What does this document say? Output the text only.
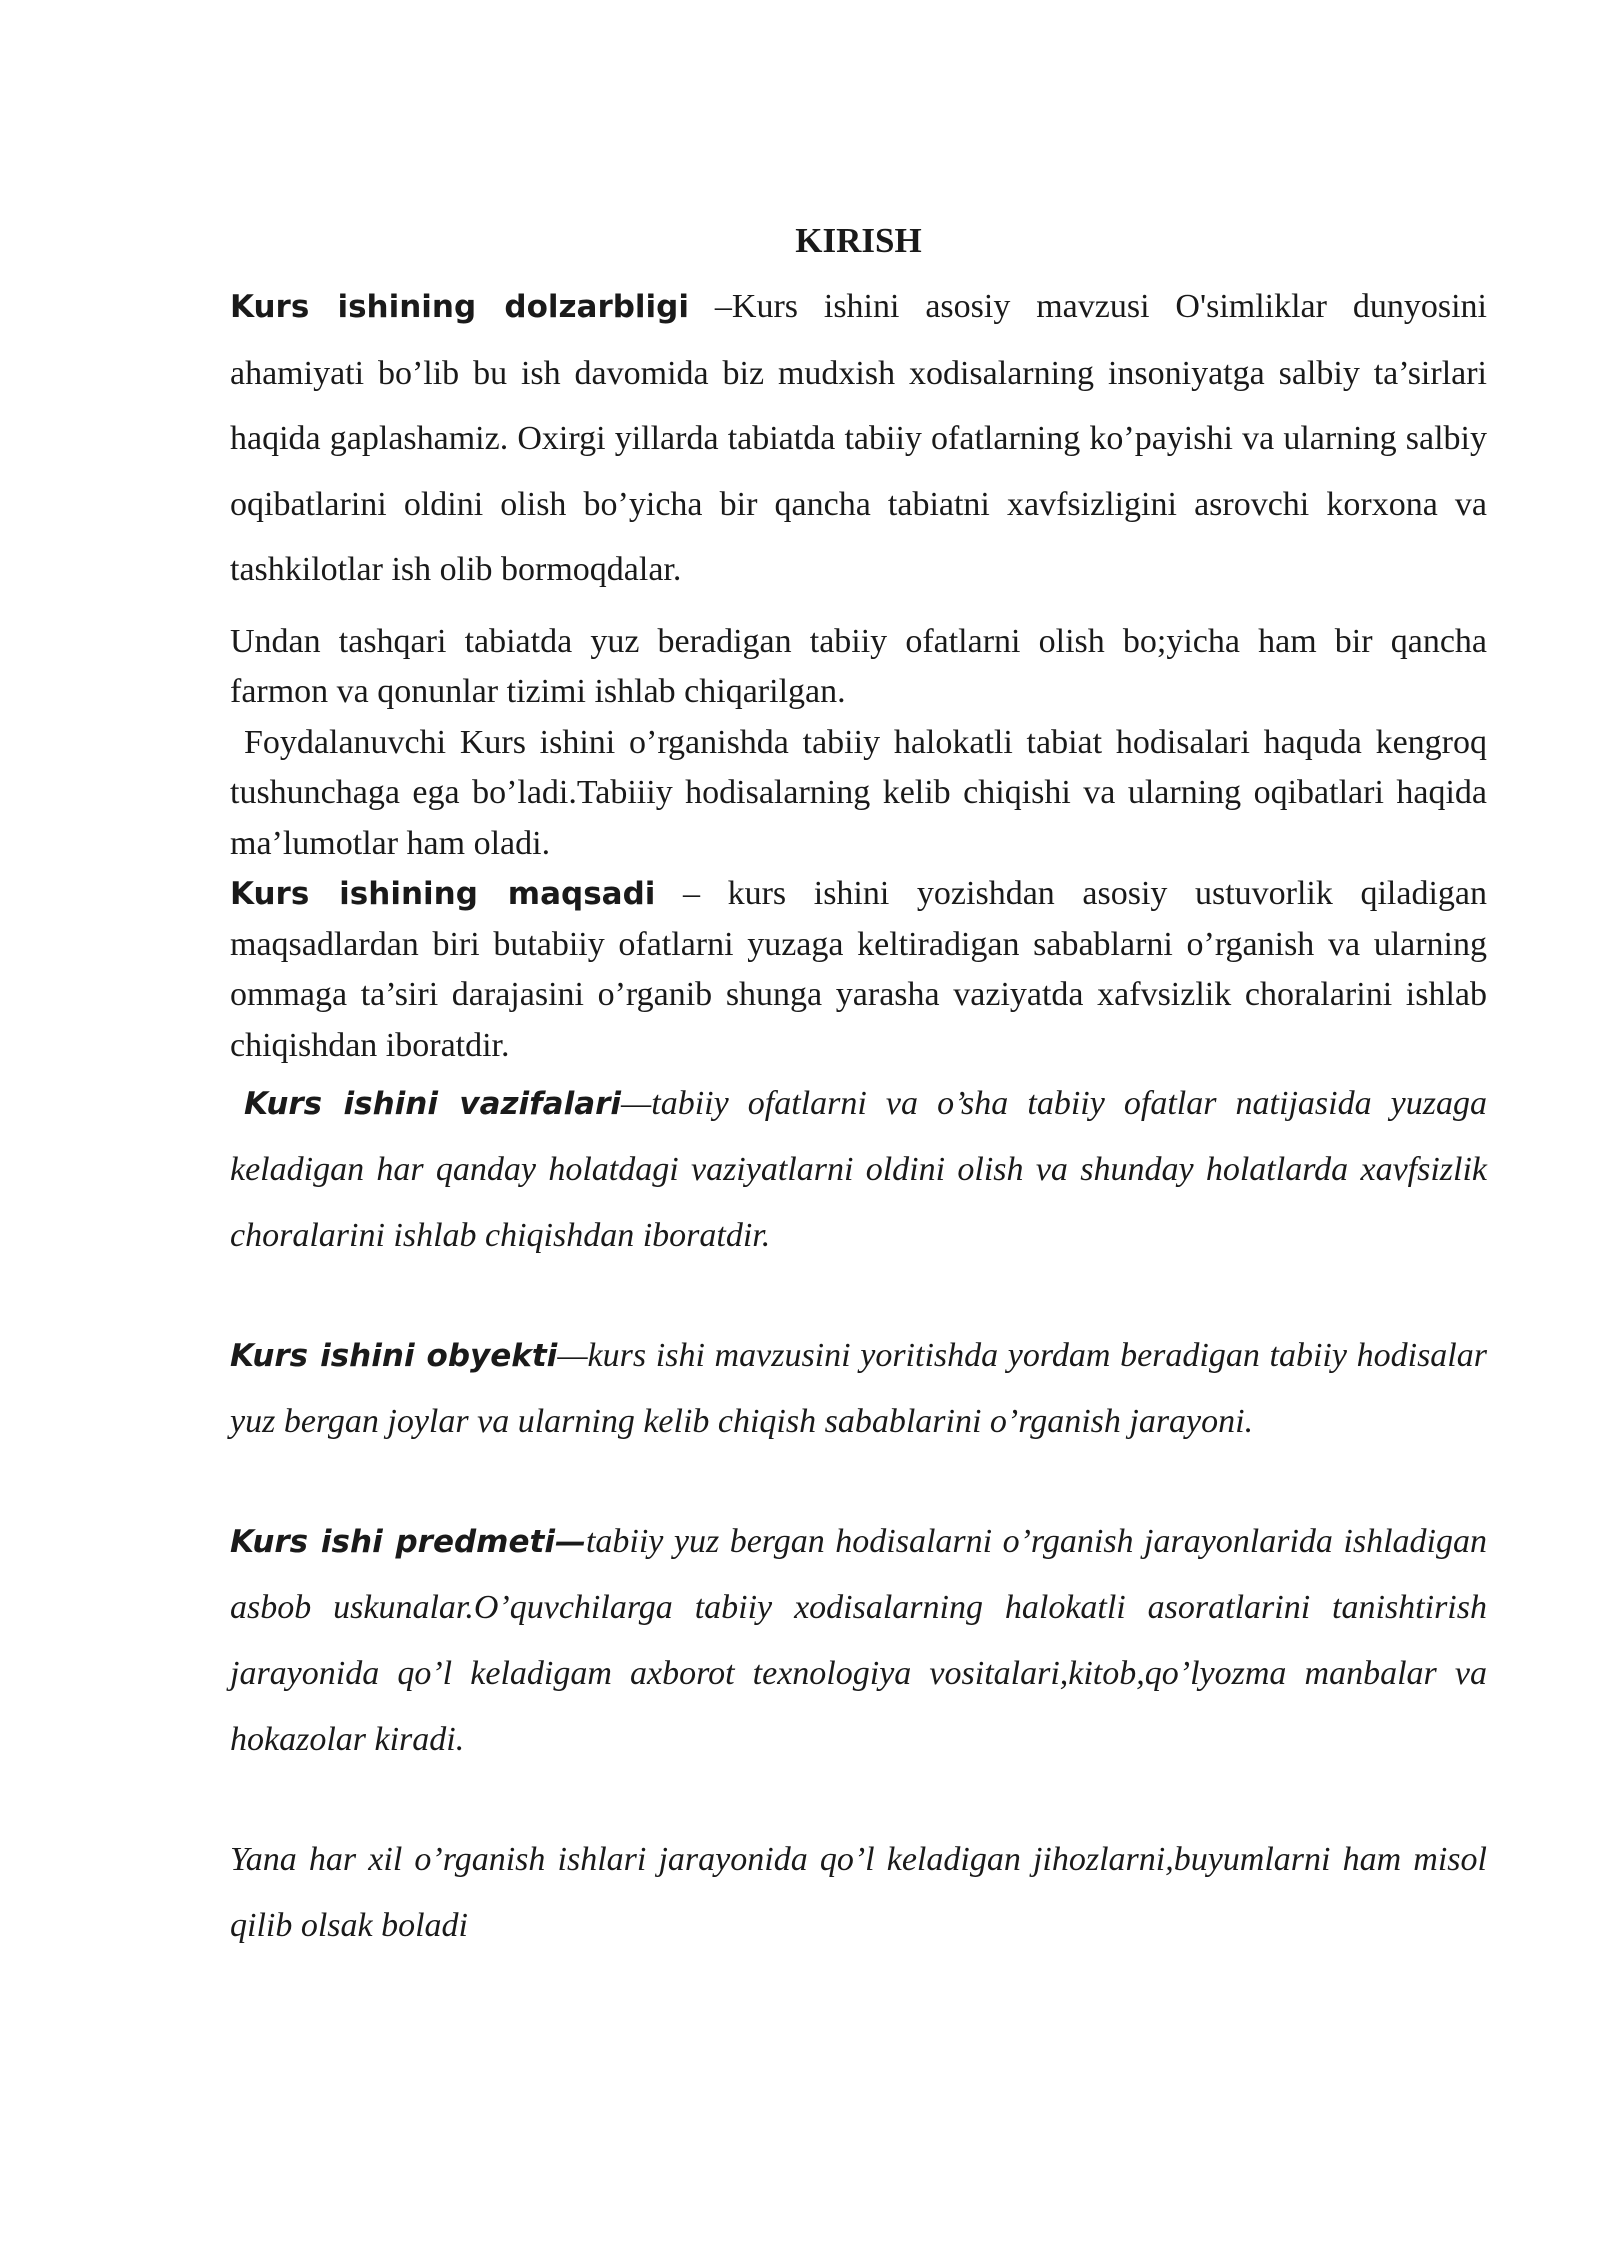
KIRISH

Kurs ishining dolzarbligi –Kurs ishini asosiy mavzusi O'simliklar dunyosini ahamiyati bo’lib bu ish davomida biz mudxish xodisalarning insoniyatga salbiy ta’sirlari haqida gaplashamiz. Oxirgi yillarda tabiatda tabiiy ofatlarning ko’payishi va ularning salbiy oqibatlarini oldini olish bo’yicha bir qancha tabiatni xavfsizligini asrovchi korxona va tashkilotlar ish olib bormoqdalar.

Undan tashqari tabiatda yuz beradigan tabiiy ofatlarni olish bo;yicha ham bir qancha farmon va qonunlar tizimi ishlab chiqarilgan.

Foydalanuvchi Kurs ishini o’rganishda tabiiy halokatli tabiat hodisalari haquda kengroq tushunchaga ega bo’ladi.Tabiiiy hodisalarning kelib chiqishi va ularning oqibatlari haqida ma’lumotlar ham oladi.

Kurs ishining maqsadi – kurs ishini yozishdan asosiy ustuvorlik qiladigan maqsadlardan biri butabiiy ofatlarni yuzaga keltiradigan sabablarni o’rganish va ularning ommaga ta’siri darajasini o’rganib shunga yarasha vaziyatda xafvsizlik choralarini ishlab chiqishdan iboratdir.

Kurs ishini vazifalari—tabiiy ofatlarni va o’sha tabiiy ofatlar natijasida yuzaga keladigan har qanday holatdagi vaziyatlarni oldini olish va shunday holatlarda xavfsizlik choralarini ishlab chiqishdan iboratdir.

Kurs ishini obyekti—kurs ishi mavzusini yoritishda yordam beradigan tabiiy hodisalar yuz bergan joylar va ularning kelib chiqish sabablarini o’rganish jarayoni.

Kurs ishi predmeti—tabiiy yuz bergan hodisalarni o’rganish jarayonlarida ishladigan asbob uskunalar.O’quvchilarga tabiiy xodisalarning halokatli asoratlarini tanishtirish jarayonida qo’l keladigam axborot texnologiya vositalari,kitob,qo’lyozma manbalar va hokazolar kiradi.

Yana har xil o’rganish ishlari jarayonida qo’l keladigan jihozlarni,buyumlarni ham misol qilib olsak boladi
